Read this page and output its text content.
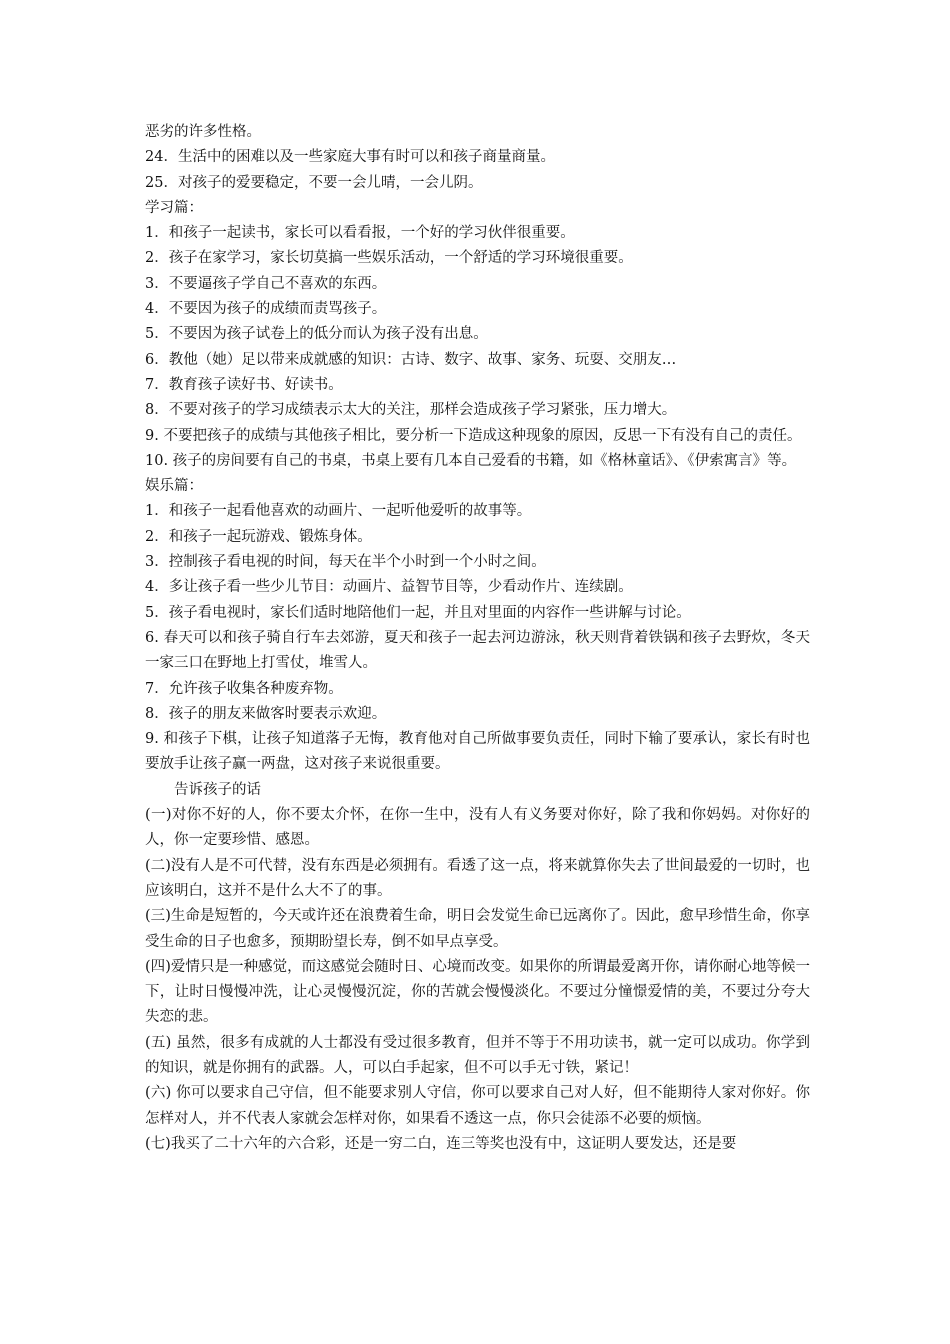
恶劣的许多性格。

24．生活中的困难以及一些家庭大事有时可以和孩子商量商量。

25．对孩子的爱要稳定，不要一会儿晴，一会儿阴。

学习篇：

1．和孩子一起读书，家长可以看看报，一个好的学习伙伴很重要。

2．孩子在家学习，家长切莫搞一些娱乐活动，一个舒适的学习环境很重要。

3．不要逼孩子学自己不喜欢的东西。

4．不要因为孩子的成绩而责骂孩子。

5．不要因为孩子试卷上的低分而认为孩子没有出息。

6．教他（她）足以带来成就感的知识：古诗、数字、故事、家务、玩耍、交朋友…

7．教育孩子读好书、好读书。

8．不要对孩子的学习成绩表示太大的关注，那样会造成孩子学习紧张，压力增大。

9. 不要把孩子的成绩与其他孩子相比，要分析一下造成这种现象的原因，反思一下有没有自己的责任。

10. 孩子的房间要有自己的书桌，书桌上要有几本自己爱看的书籍，如《格林童话》、《伊索寓言》等。

娱乐篇：

1．和孩子一起看他喜欢的动画片、一起听他爱听的故事等。

2．和孩子一起玩游戏、锻炼身体。

3．控制孩子看电视的时间，每天在半个小时到一个小时之间。

4．多让孩子看一些少儿节目：动画片、益智节目等，少看动作片、连续剧。

5．孩子看电视时，家长们适时地陪他们一起，并且对里面的内容作一些讲解与讨论。

6. 春天可以和孩子骑自行车去郊游，夏天和孩子一起去河边游泳，秋天则背着铁锅和孩子去野炊，冬天一家三口在野地上打雪仗，堆雪人。

7．允许孩子收集各种废弃物。

8．孩子的朋友来做客时要表示欢迎。

9. 和孩子下棋，让孩子知道落子无悔，教育他对自己所做事要负责任，同时下输了要承认，家长有时也要放手让孩子赢一两盘，这对孩子来说很重要。

告诉孩子的话

(一)对你不好的人，你不要太介怀，在你一生中，没有人有义务要对你好，除了我和你妈妈。对你好的人，你一定要珍惜、感恩。

(二)没有人是不可代替，没有东西是必须拥有。看透了这一点，将来就算你失去了世间最爱的一切时，也应该明白，这并不是什么大不了的事。

(三)生命是短暂的，今天或许还在浪费着生命，明日会发觉生命已远离你了。因此，愈早珍惜生命，你享受生命的日子也愈多，预期盼望长寿，倒不如早点享受。

(四)爱情只是一种感觉，而这感觉会随时日、心境而改变。如果你的所谓最爱离开你，请你耐心地等候一下，让时日慢慢冲洗，让心灵慢慢沉淀，你的苦就会慢慢淡化。不要过分憧憬爱情的美，不要过分夸大失恋的悲。

(五) 虽然，很多有成就的人士都没有受过很多教育，但并不等于不用功读书，就一定可以成功。你学到的知识，就是你拥有的武器。人，可以白手起家，但不可以手无寸铁，紧记！

(六) 你可以要求自己守信，但不能要求别人守信，你可以要求自己对人好，但不能期待人家对你好。你怎样对人，并不代表人家就会怎样对你，如果看不透这一点，你只会徒添不必要的烦恼。

(七)我买了二十六年的六合彩，还是一穷二白，连三等奖也没有中，这证明人要发达，还是要
